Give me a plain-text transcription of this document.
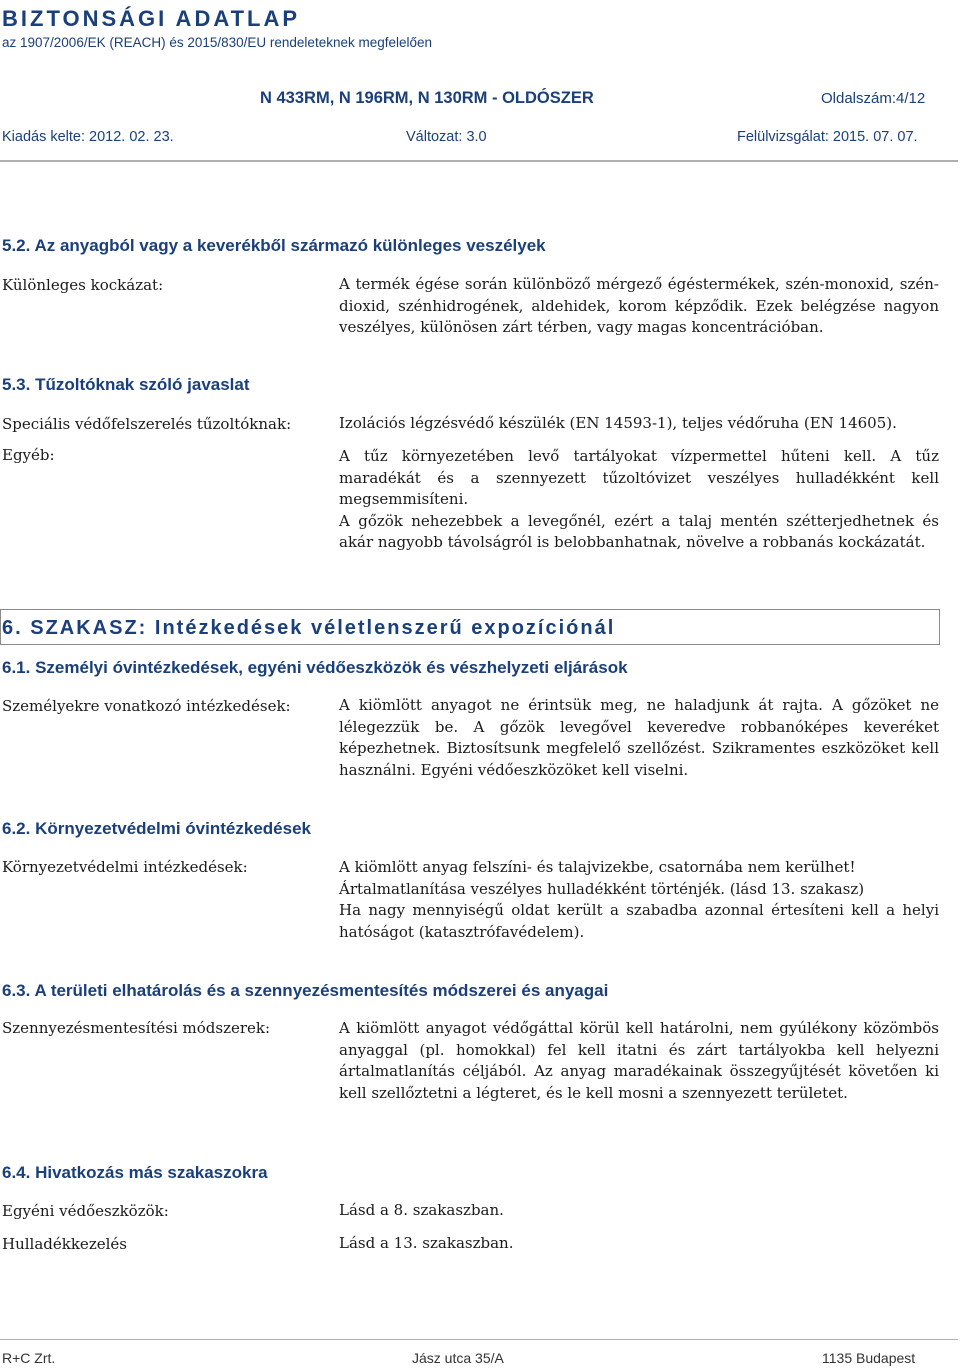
BIZTONSÁGI ADATLAP
az 1907/2006/EK (REACH) és 2015/830/EU rendeleteknek megfelelően
N 433RM, N 196RM, N 130RM - OLDÓSZER	Oldalszám:4/12
Kiadás kelte: 2012. 02. 23.	Változat: 3.0	Felülvizsgálat: 2015. 07. 07.
5.2. Az anyagból vagy a keverékből származó különleges veszélyek
Különleges kockázat:	A termék égése során különböző mérgező égéstermékek, szén-monoxid, szén-dioxid, szénhidrogének, aldehidek, korom képződik. Ezek belégzése nagyon veszélyes, különösen zárt térben, vagy magas koncentrációban.
5.3. Tűzoltóknak szóló javaslat
Speciális védőfelszerelés tűzoltóknak:	Izolációs légzésvédő készülék (EN 14593-1), teljes védőruha (EN 14605).
Egyéb:	A tűz környezetében levő tartályokat vízpermettel hűteni kell. A tűz maradékát és a szennyezett tűzoltóvizet veszélyes hulladékként kell megsemmisíteni.

A gőzök nehezebbek a levegőnél, ezért a talaj mentén szétterjedhetnek és akár nagyobb távolságról is belobbanhatnak, növelve a robbanás kockázatát.

6. SZAKASZ: Intézkedések véletlenszerű expozíciónál
6.1. Személyi óvintézkedések, egyéni védőeszközök és vészhelyzeti eljárások
Személyekre vonatkozó intézkedések:	A kiömlött anyagot ne érintsük meg, ne haladjunk át rajta. A gőzöket ne lélegezzük be. A gőzök levegővel keveredve robbanóképes keveréket képezhetnek. Biztosítsunk megfelelő szellőzést. Szikramentes eszközöket kell használni. Egyéni védőeszközöket kell viselni.
6.2. Környezetvédelmi óvintézkedések
Környezetvédelmi intézkedések:	A kiömlött anyag felszíni- és talajvizekbe, csatornába nem kerülhet!

Ártalmatlanítása veszélyes hulladékként történjék. (lásd 13. szakasz)

Ha nagy mennyiségű oldat került a szabadba azonnal értesíteni kell a helyi hatóságot (katasztrófavédelem).

6.3. A területi elhatárolás és a szennyezésmentesítés módszerei és anyagai
Szennyezésmentesítési módszerek:	A kiömlött anyagot védőgáttal körül kell határolni, nem gyúlékony közömbös anyaggal (pl. homokkal) fel kell itatni és zárt tartályokba kell helyezni ártalmatlanítás céljából. Az anyag maradékainak összegyűjtését követően ki kell szellőztetni a légteret, és le kell mosni a szennyezett területet.
6.4. Hivatkozás más szakaszokra
Egyéni védőeszközök:	Lásd a 8. szakaszban.
Hulladékkezelés	Lásd a 13. szakaszban.
R+C Zrt.	Jász utca 35/A	1135 Budapest
